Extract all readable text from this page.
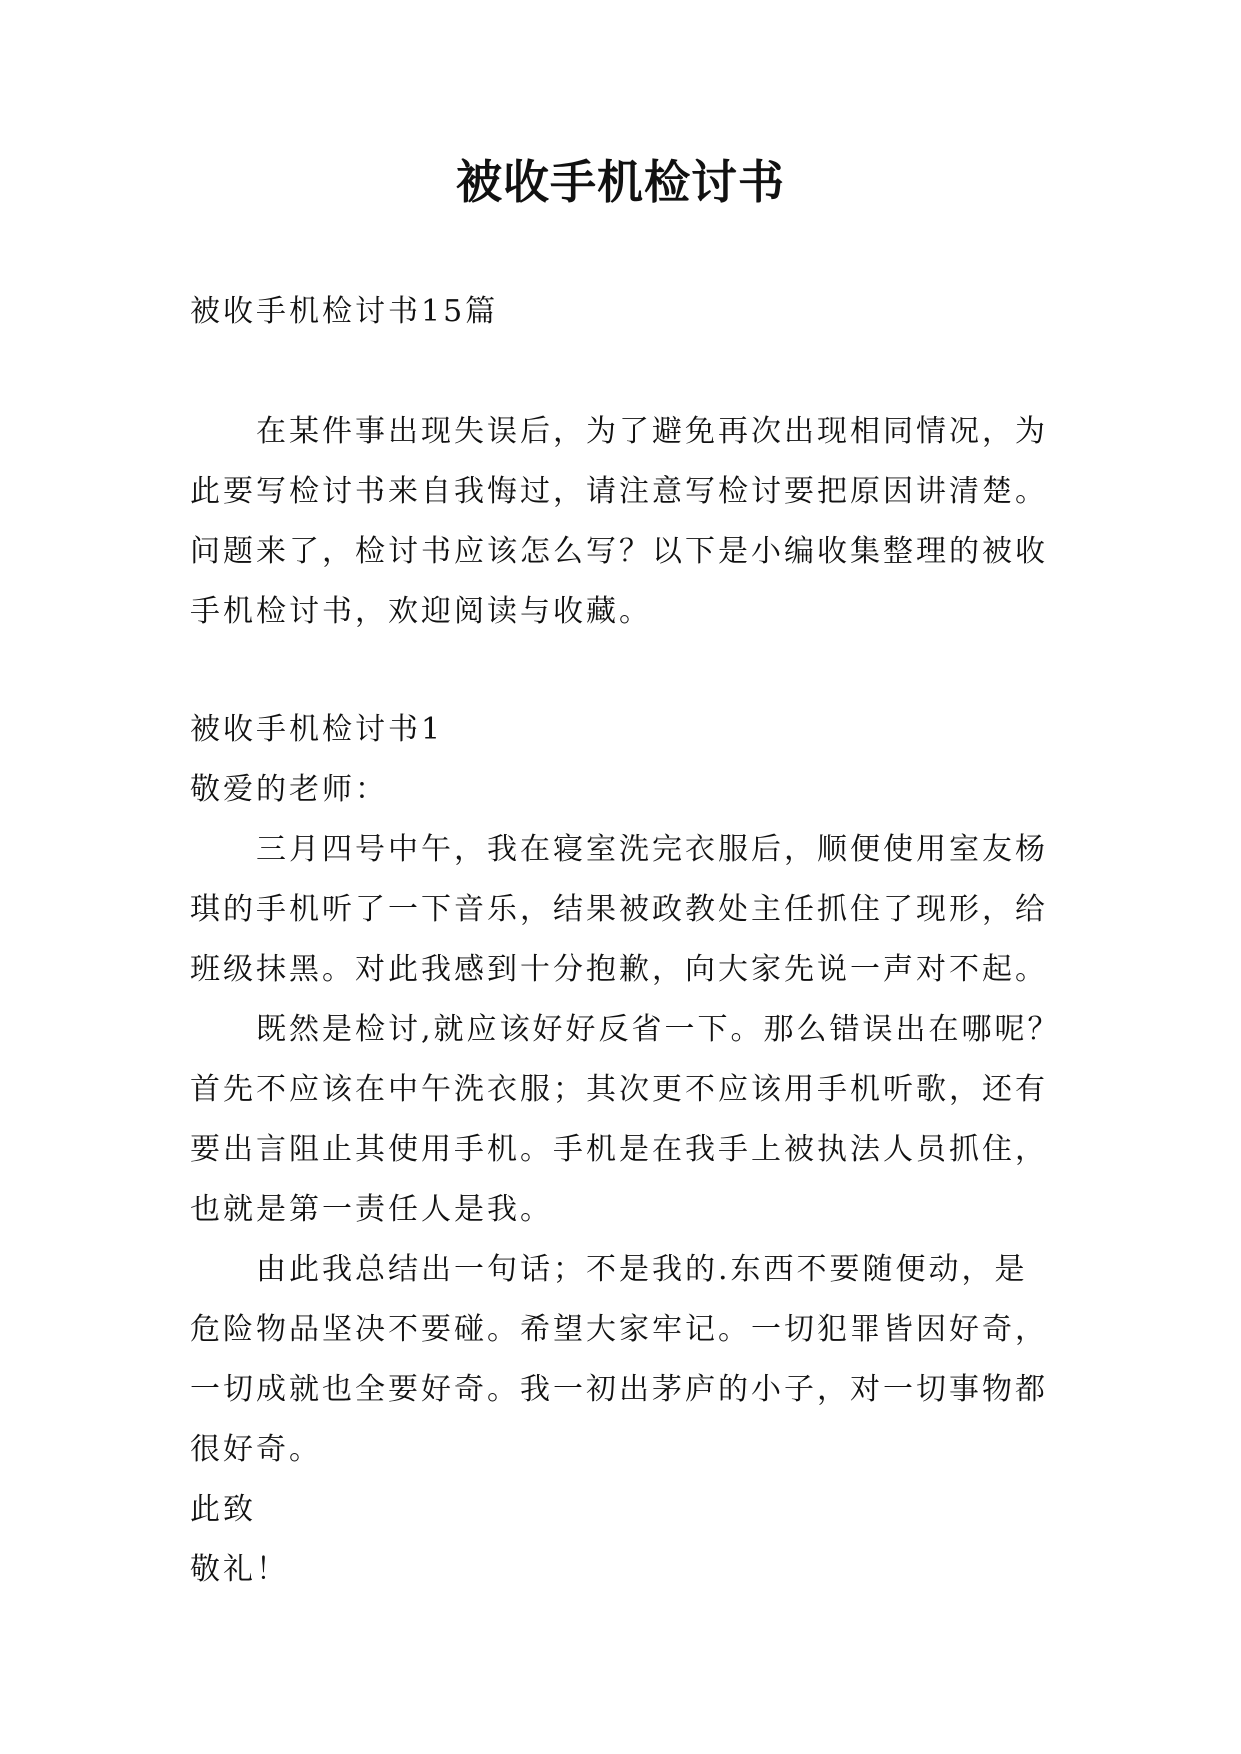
被收手机检讨书
被收手机检讨书15篇
在某件事出现失误后，为了避免再次出现相同情况，为
此要写检讨书来自我悔过，请注意写检讨要把原因讲清楚。
问题来了，检讨书应该怎么写？以下是小编收集整理的被收
手机检讨书，欢迎阅读与收藏。
被收手机检讨书1
敬爱的老师：
三月四号中午，我在寝室洗完衣服后，顺便使用室友杨
琪的手机听了一下音乐，结果被政教处主任抓住了现形，给
班级抹黑。对此我感到十分抱歉，向大家先说一声对不起。
既然是检讨,就应该好好反省一下。那么错误出在哪呢？
首先不应该在中午洗衣服；其次更不应该用手机听歌，还有
要出言阻止其使用手机。手机是在我手上被执法人员抓住，
也就是第一责任人是我。
由此我总结出一句话；不是我的.东西不要随便动，是
危险物品坚决不要碰。希望大家牢记。一切犯罪皆因好奇，
一切成就也全要好奇。我一初出茅庐的小子，对一切事物都
很好奇。
此致
敬礼！
